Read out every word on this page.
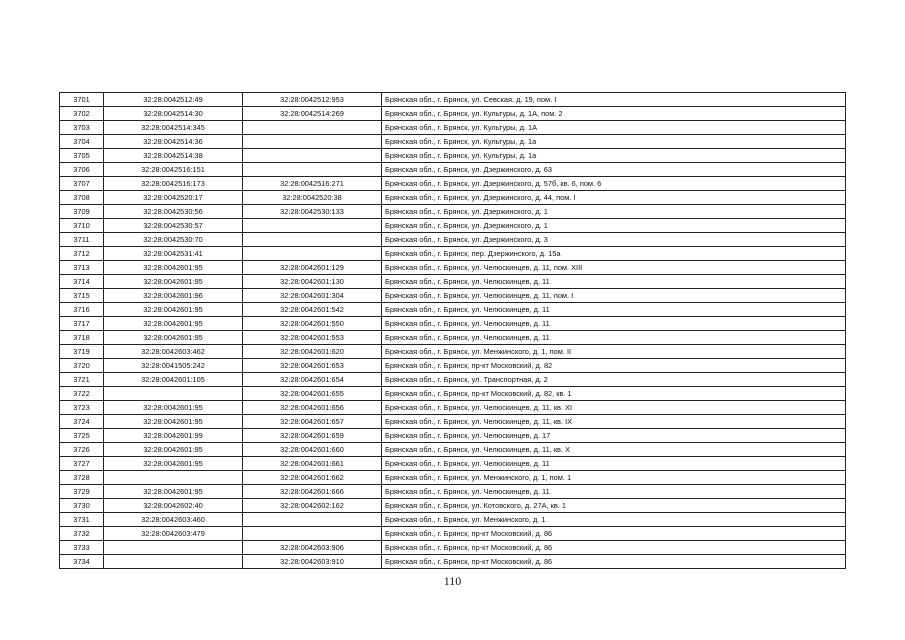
3701	32:28:0042512:49	32:28:0042512:953	Брянская обл., г. Брянск, ул. Севская, д. 19, пом. I
3702	32:28:0042514:30	32:28:0042514:269	Брянская обл., г. Брянск, ул. Культуры, д. 1А, пом. 2
3703	32:28:0042514:345		Брянская обл., г. Брянск, ул. Культуры, д. 1А
3704	32:28:0042514:36		Брянская обл., г. Брянск, ул. Культуры, д. 1а
3705	32:28:0042514:38		Брянская обл., г. Брянск, ул. Культуры, д. 1а
3706	32:28:0042516:151		Брянская обл., г. Брянск, ул. Дзержинского, д. 63
3707	32:28:0042516:173	32:28:0042516:271	Брянская обл., г. Брянск, ул. Дзержинского, д. 57б, кв. 6, пом. 6
3708	32:28:0042520:17	32:28:0042520:38	Брянская обл., г. Брянск, ул. Дзержинского, д. 44, пом. I
3709	32:28:0042530:56	32:28:0042530:133	Брянская обл., г. Брянск, ул. Дзержинского, д. 1
3710	32:28:0042530:57		Брянская обл., г. Брянск, ул. Дзержинского, д. 1
3711	32:28:0042530:70		Брянская обл., г. Брянск, ул. Дзержинского, д. 3
3712	32:28:0042531:41		Брянская обл., г. Брянск, пер. Дзержинского, д. 15а
3713	32:28:0042601:95	32:28:0042601:129	Брянская обл., г. Брянск, ул. Челюскинцев, д. 11, пом. XIII
3714	32:28:0042601:95	32:28:0042601:130	Брянская обл., г. Брянск, ул. Челюскинцев, д. 11
3715	32:28:0042601:96	32:28:0042601:304	Брянская обл., г. Брянск, ул. Челюскинцев, д. 11, пом. I
3716	32:28:0042601:95	32:28:0042601:542	Брянская обл., г. Брянск, ул. Челюскинцев, д. 11
3717	32:28:0042601:95	32:28:0042601:550	Брянская обл., г. Брянск, ул. Челюскинцев, д. 11
3718	32:28:0042601:95	32:28:0042601:553	Брянская обл., г. Брянск, ул. Челюскинцев, д. 11
3719	32:28:0042603:462	32:28:0042601:620	Брянская обл., г. Брянск, ул. Менжинского, д. 1, пом. II
3720	32:28:0041505:242	32:28:0042601:653	Брянская обл., г. Брянск, пр-кт Московский, д. 82
3721	32:28:0042601:105	32:28:0042601:654	Брянская обл., г. Брянск, ул. Транспортная, д. 2
3722		32:28:0042601:655	Брянская обл., г. Брянск, пр-кт Московский, д. 82, кв. 1
3723	32:28:0042601:95	32:28:0042601:656	Брянская обл., г. Брянск, ул. Челюскинцев, д. 11, кв. XI
3724	32:28:0042601:95	32:28:0042601:657	Брянская обл., г. Брянск, ул. Челюскинцев, д. 11, кв. IX
3725	32:28:0042601:99	32:28:0042601:659	Брянская обл., г. Брянск, ул. Челюскинцев, д. 17
3726	32:28:0042601:95	32:28:0042601:660	Брянская обл., г. Брянск, ул. Челюскинцев, д. 11, кв. X
3727	32:28:0042601:95	32:28:0042601:661	Брянская обл., г. Брянск, ул. Челюскинцев, д. 11
3728		32:28:0042601:662	Брянская обл., г. Брянск, ул. Менжинского, д. 1, пом. 1
3729	32:28:0042601:95	32:28:0042601:666	Брянская обл., г. Брянск, ул. Челюскинцев, д. 11
3730	32:28:0042602:40	32:28:0042602:162	Брянская обл., г. Брянск, ул. Котовского, д. 27А, кв. 1
3731	32:28:0042603:460		Брянская обл., г. Брянск, ул. Менжинского, д. 1
3732	32:28:0042603:479		Брянская обл., г. Брянск, пр-кт Московский, д. 86
3733		32:28:0042603:906	Брянская обл., г. Брянск, пр-кт Московский, д. 86
3734		32:28:0042603:910	Брянская обл., г. Брянск, пр-кт Московский, д. 86
110
